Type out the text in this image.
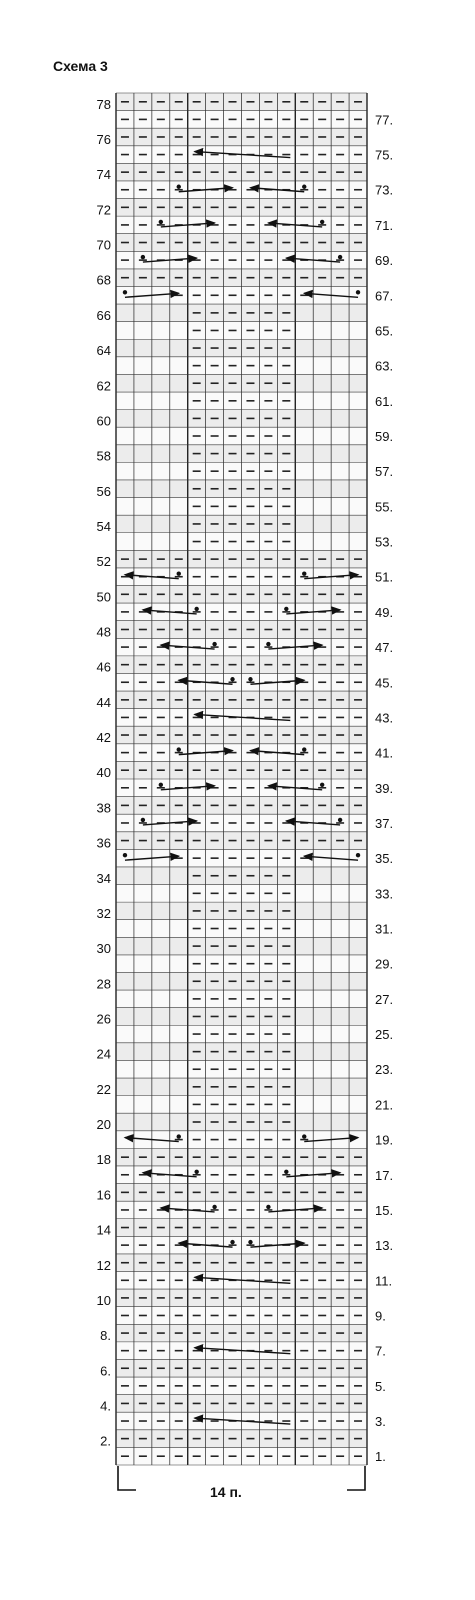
Схема 3
78
76
74
72
70
68
66
64
62
60
58
56
54
52
50
48
46
44
42
40
38
36
34
32
30
28
26
24
22
20
18
16
14
12
10
8.
6.
4.
2.
77.
75.
73.
71.
69.
67.
65.
63.
61.
59.
57.
55.
53.
51.
49.
47.
45.
43.
41.
39.
37.
35.
33.
31.
29.
27.
25.
23.
21.
19.
17.
15.
13.
11.
9.
7.
5.
3.
1.
14 п.
